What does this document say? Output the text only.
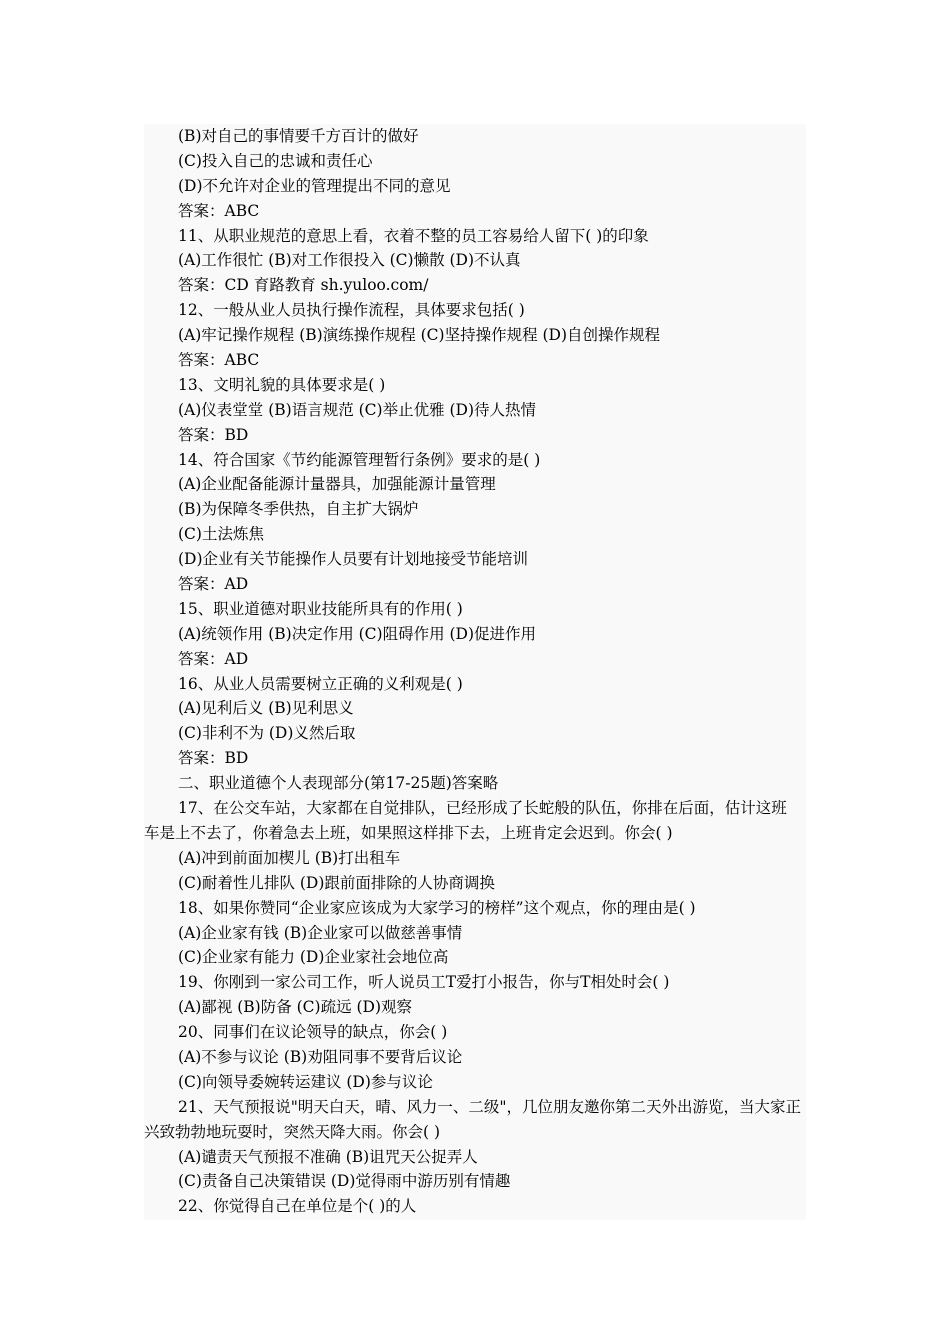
(B)对自己的事情要千方百计的做好
(C)投入自己的忠诚和责任心
(D)不允许对企业的管理提出不同的意见
答案：ABC
11、从职业规范的意思上看，衣着不整的员工容易给人留下( )的印象
(A)工作很忙 (B)对工作很投入 (C)懒散 (D)不认真
答案：CD 育路教育 sh.yuloo.com/
12、一般从业人员执行操作流程，具体要求包括( )
(A)牢记操作规程 (B)演练操作规程 (C)坚持操作规程 (D)自创操作规程
答案：ABC
13、文明礼貌的具体要求是( )
(A)仪表堂堂 (B)语言规范 (C)举止优雅 (D)待人热情
答案：BD
14、符合国家《节约能源管理暂行条例》要求的是( )
(A)企业配备能源计量器具，加强能源计量管理
(B)为保障冬季供热，自主扩大锅炉
(C)土法炼焦
(D)企业有关节能操作人员要有计划地接受节能培训
答案：AD
15、职业道德对职业技能所具有的作用( )
(A)统领作用 (B)决定作用 (C)阻碍作用 (D)促进作用
答案：AD
16、从业人员需要树立正确的义利观是( )
(A)见利后义 (B)见利思义
(C)非利不为 (D)义然后取
答案：BD
二、职业道德个人表现部分(第17-25题)答案略
17、在公交车站，大家都在自觉排队，已经形成了长蛇般的队伍，你排在后面，估计这班
车是上不去了，你着急去上班，如果照这样排下去，上班肯定会迟到。你会( )
(A)冲到前面加楔儿 (B)打出租车
(C)耐着性儿排队 (D)跟前面排除的人协商调换
18、如果你赞同“企业家应该成为大家学习的榜样”这个观点，你的理由是( )
(A)企业家有钱 (B)企业家可以做慈善事情
(C)企业家有能力 (D)企业家社会地位高
19、你刚到一家公司工作，听人说员工T爱打小报告，你与T相处时会( )
(A)鄙视 (B)防备 (C)疏远 (D)观察
20、同事们在议论领导的缺点，你会( )
(A)不参与议论 (B)劝阻同事不要背后议论
(C)向领导委婉转运建议 (D)参与议论
21、天气预报说"明天白天，晴、风力一、二级"，几位朋友邀你第二天外出游览，当大家正
兴致勃勃地玩耍时，突然天降大雨。你会( )
(A)谴责天气预报不准确 (B)诅咒天公捉弄人
(C)责备自己决策错误 (D)觉得雨中游历别有情趣
22、你觉得自己在单位是个( )的人
